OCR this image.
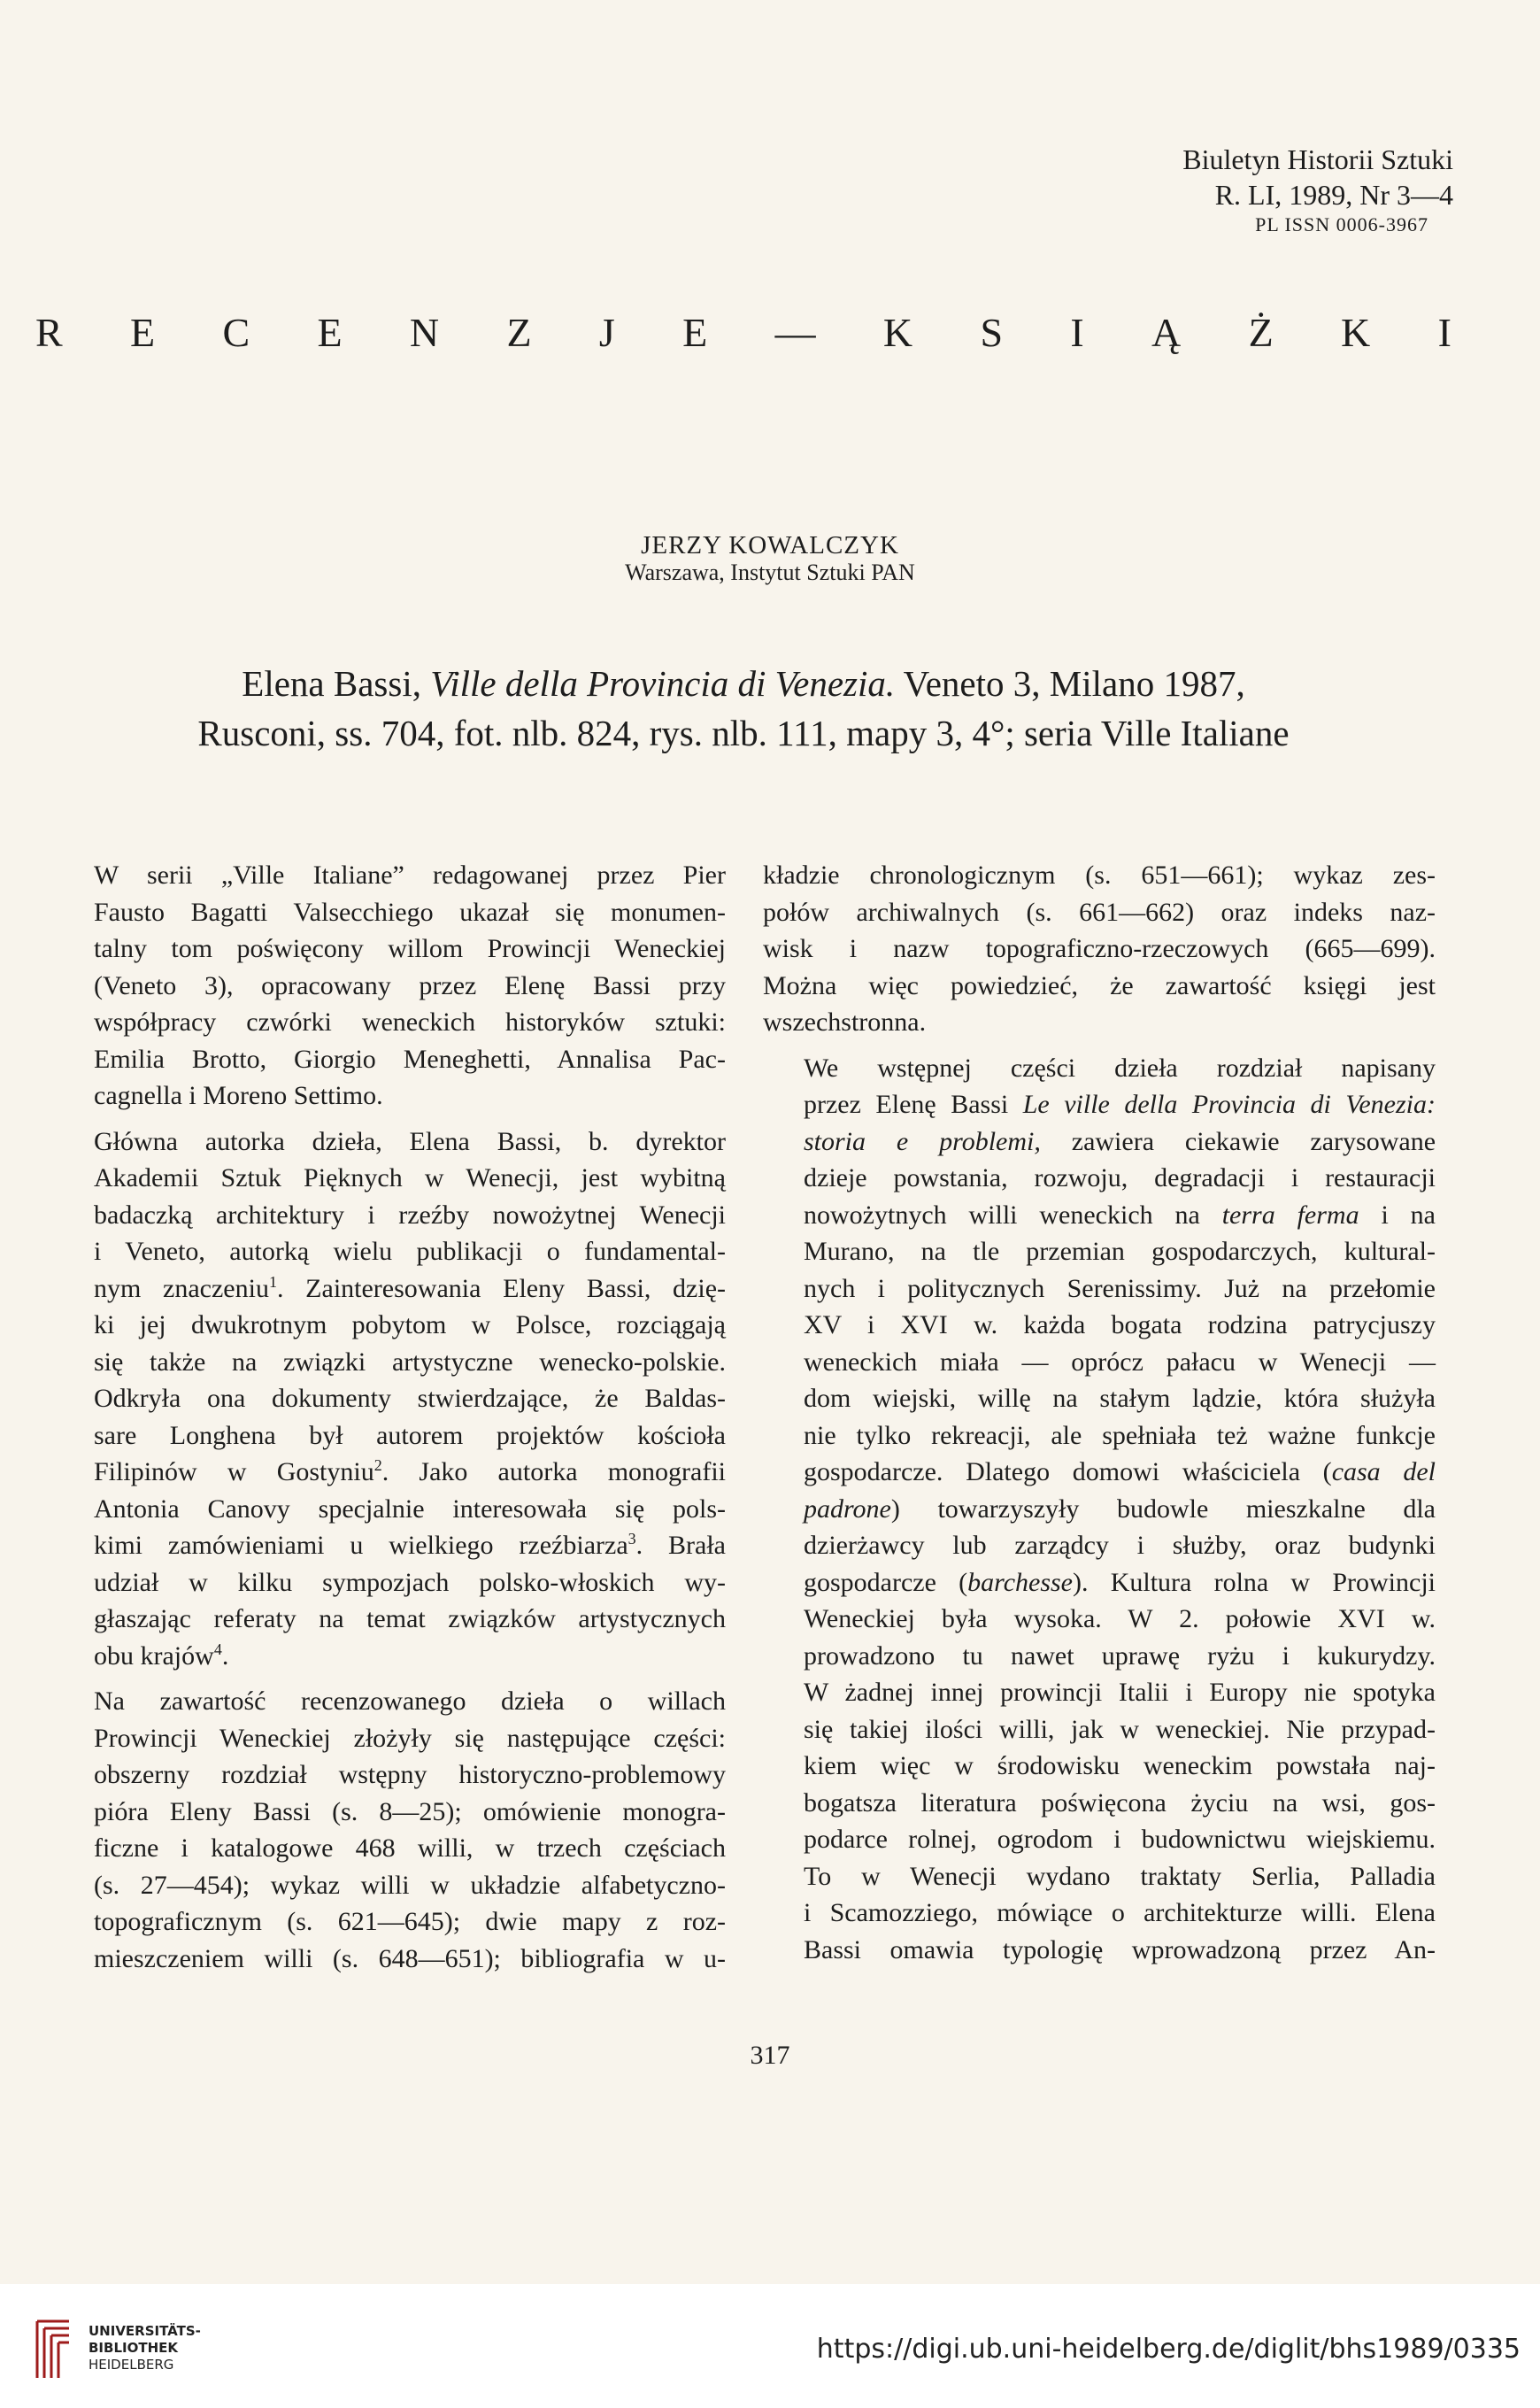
Biuletyn Historii Sztuki
R. LI, 1989, Nr 3—4
PL ISSN 0006-3967
R E C E N Z J E — K S I Ą Ż K I
JERZY KOWALCZYK
Warszawa, Instytut Sztuki PAN
Elena Bassi, Ville della Provincia di Venezia. Veneto 3, Milano 1987,
Rusconi, ss. 704, fot. nlb. 824, rys. nlb. 111, mapy 3, 4°; seria Ville Italiane

W serii „Ville Italiane” redagowanej przez Pier
Fausto Bagatti Valsecchiego ukazał się monumen-
talny tom poświęcony willom Prowincji Weneckiej
(Veneto 3), opracowany przez Elenę Bassi przy
współpracy czwórki weneckich historyków sztuki:
Emilia Brotto, Giorgio Meneghetti, Annalisa Pac-
cagnella i Moreno Settimo.

Główna autorka dzieła, Elena Bassi, b. dyrektor
Akademii Sztuk Pięknych w Wenecji, jest wybitną
badaczką architektury i rzeźby nowożytnej Wenecji
i Veneto, autorką wielu publikacji o fundamental-
nym znaczeniu$^1$. Zainteresowania Eleny Bassi, dzię-
ki jej dwukrotnym pobytom w Polsce, rozciągają
się także na związki artystyczne wenecko-polskie.
Odkryła ona dokumenty stwierdzające, że Baldas-
sare Longhena był autorem projektów kościoła
Filipinów w Gostyniu$^2$. Jako autorka monografii
Antonia Canovy specjalnie interesowała się pols-
kimi zamówieniami u wielkiego rzeźbiarza$^3$. Brała
udział w kilku sympozjach polsko-włoskich wy-
głaszając referaty na temat związków artystycznych
obu krajów$^4$.

Na zawartość recenzowanego dzieła o willach
Prowincji Weneckiej złożyły się następujące części:
obszerny rozdział wstępny historyczno-problemowy
pióra Eleny Bassi (s. 8—25); omówienie monogra-
ficzne i katalogowe 468 willi, w trzech częściach
(s. 27—454); wykaz willi w układzie alfabetyczno-
topograficznym (s. 621—645); dwie mapy z roz-
mieszczeniem willi (s. 648—651); bibliografia w u-

kładzie chronologicznym (s. 651—661); wykaz zes-
połów archiwalnych (s. 661—662) oraz indeks naz-
wisk i nazw topograficzno-rzeczowych (665—699).
Można więc powiedzieć, że zawartość księgi jest
wszechstronna.

We wstępnej części dzieła rozdział napisany
przez Elenę Bassi Le ville della Provincia di Venezia:
storia e problemi, zawiera ciekawie zarysowane
dzieje powstania, rozwoju, degradacji i restauracji
nowożytnych willi weneckich na terra ferma i na
Murano, na tle przemian gospodarczych, kultural-
nych i politycznych Serenissimy. Już na przełomie
XV i XVI w. każda bogata rodzina patrycjuszy
weneckich miała — oprócz pałacu w Wenecji —
dom wiejski, willę na stałym lądzie, która służyła
nie tylko rekreacji, ale spełniała też ważne funkcje
gospodarcze. Dlatego domowi właściciela (casa del
padrone) towarzyszyły budowle mieszkalne dla
dzierżawcy lub zarządcy i służby, oraz budynki
gospodarcze (barchesse). Kultura rolna w Prowincji
Weneckiej była wysoka. W 2. połowie XVI w.
prowadzono tu nawet uprawę ryżu i kukurydzy.
W żadnej innej prowincji Italii i Europy nie spotyka
się takiej ilości willi, jak w weneckiej. Nie przypad-
kiem więc w środowisku weneckim powstała naj-
bogatsza literatura poświęcona życiu na wsi, gos-
podarce rolnej, ogrodom i budownictwu wiejskiemu.
To w Wenecji wydano traktaty Serlia, Palladia
i Scamozziego, mówiące o architekturze willi. Elena
Bassi omawia typologię wprowadzoną przez An-

317
UNIVERSITÄTS-
BIBLIOTHEK
HEIDELBERG	https://digi.ub.uni-heidelberg.de/diglit/bhs1989/0335
